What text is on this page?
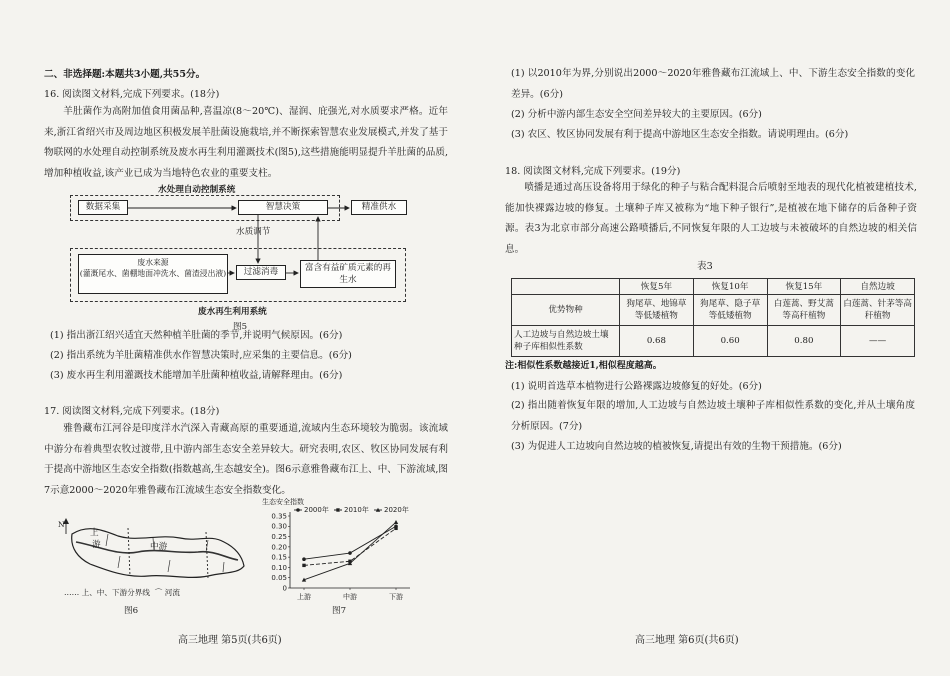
二、非选择题:本题共3小题,共55分。
16. 阅读图文材料,完成下列要求。(18分)
羊肚菌作为高附加值食用菌品种,喜温凉(8～20℃)、湿润、庇强光,对水质要求严格。近年来,浙江省绍兴市及周边地区积极发展羊肚菌设施栽培,并不断探索智慧农业发展模式,并发了基于物联网的水处理自动控制系统及废水再生利用灌溉技术(图5),这些措施能明显提升羊肚菌的品质,增加种植收益,该产业已成为当地特色农业的重要支柱。
水处理自动控制系统
数据采集	智慧决策	精准供水
水质调节
废水来源
(灌溉尾水、菌棚地面冲洗水、菌渣浸出液)	过滤消毒	富含有益矿质元素的再生水
废水再生利用系统
图5
(1) 指出浙江绍兴适宜天然种植羊肚菌的季节,并说明气候原因。(6分)
(2) 指出系统为羊肚菌精准供水作智慧决策时,应采集的主要信息。(6分)
(3) 废水再生利用灌溉技术能增加羊肚菌种植收益,请解释理由。(6分)
17. 阅读图文材料,完成下列要求。(18分)
雅鲁藏布江河谷是印度洋水汽深入青藏高原的重要通道,流域内生态环境较为脆弱。该流域中游分布着典型农牧过渡带,且中游内部生态安全差异较大。研究表明,农区、牧区协同发展有利于提高中游地区生态安全指数(指数越高,生态越安全)。图6示意雅鲁藏布江上、中、下游流域,图7示意2000～2020年雅鲁藏布江流域生态安全指数变化。
N
上
游	中游
…… 上、中、下游分界线  ⌒ 河流
图6
生态安全指数
0
0.05
0.10
0.15
0.20
0.25
0.30
0.35
上游	中游	下游
2000年 2010年 2020年
图7
高三地理 第5页(共6页)
(1) 以2010年为界,分别说出2000～2020年雅鲁藏布江流域上、中、下游生态安全指数的变化差异。(6分)
(2) 分析中游内部生态安全空间差异较大的主要原因。(6分)
(3) 农区、牧区协同发展有利于提高中游地区生态安全指数。请说明理由。(6分)
18. 阅读图文材料,完成下列要求。(19分)
喷播是通过高压设备将用于绿化的种子与粘合配料混合后喷射至地表的现代化植被建植技术,能加快裸露边坡的修复。土壤种子库又被称为“地下种子银行”,是植被在地下储存的后备种子资源。表3为北京市部分高速公路喷播后,不同恢复年限的人工边坡与未被破坏的自然边坡的相关信息。
表3
	恢复5年	恢复10年	恢复15年	自然边坡
优势物种	狗尾草、地锦草等低矮植物	狗尾草、隐子草等低矮植物	白莲蒿、野艾蒿等高秆植物	白莲蒿、针茅等高秆植物
人工边坡与自然边坡土壤种子库相似性系数	0.68	0.60	0.80	——
注:相似性系数越接近1,相似程度越高。
(1) 说明首选草本植物进行公路裸露边坡修复的好处。(6分)
(2) 指出随着恢复年限的增加,人工边坡与自然边坡土壤种子库相似性系数的变化,并从土壤角度分析原因。(7分)
(3) 为促进人工边坡向自然边坡的植被恢复,请提出有效的生物干预措施。(6分)
高三地理 第6页(共6页)
